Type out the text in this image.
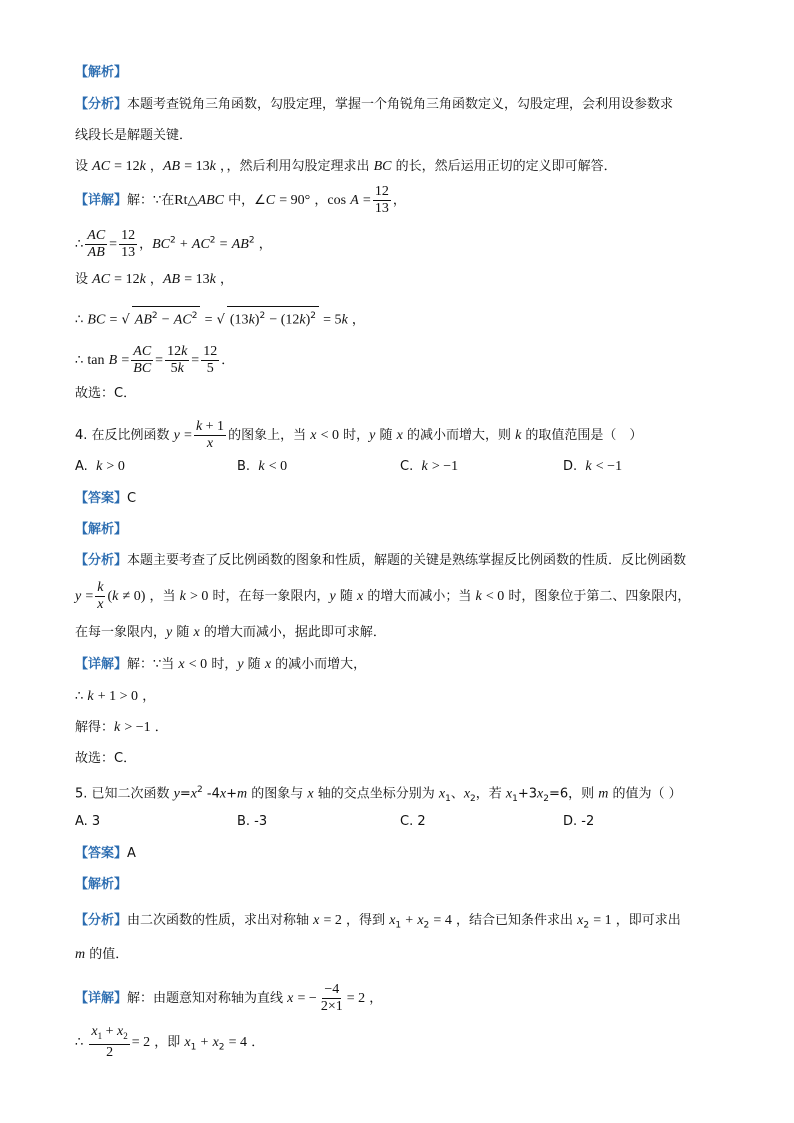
【解析】
【分析】本题考查锐角三角函数，勾股定理，掌握一个角锐角三角函数定义，勾股定理，会利用设参数求
线段长是解题关键．
设 AC = 12k ，AB = 13k ，，然后利用勾股定理求出 BC 的长，然后运用正切的定义即可解答．
【详解】解：∵在Rt△ABC 中，∠C = 90° ，$\cos A = \frac{12}{13}$ ，
∴ $\frac{AC}{AB} = \frac{12}{13}$ ，$BC^2 + AC^2 = AB^2$ ，
设 AC = 12k ，AB = 13k ，
∴ BC = √ $AB^2 - AC^2$ = √ $(13k)^2 - (12k)^2 = 5k$ ，
∴ $\tan B = \frac{AC}{BC} = \frac{12k}{5k} = \frac{12}{5}$ ．
故选：C．
4. 在反比例函数 $y = \frac{k + 1}{x}$ 的图象上，当 x < 0 时，y 随 x 的减小而增大，则 k 的取值范围是（　）
A.  k > 0	B.  k < 0	C.  k > −1	D.  k < −1
【答案】C
【解析】
【分析】本题主要考查了反比例函数的图象和性质，解题的关键是熟练掌握反比例函数的性质．反比例函数
$y = \frac{k}{x} (k \ne 0)$ ，当 k > 0 时，在每一象限内，y 随 x 的增大而减小；当 k < 0 时，图象位于第二、四象限内，
在每一象限内，y 随 x 的增大而减小，据此即可求解．
【详解】解：∵当 x < 0 时，y 随 x 的减小而增大，
∴ k + 1 > 0 ，
解得：k > −1 ．
故选：C．
5. 已知二次函数 $y=x^2$ -4x+m 的图象与 x 轴的交点坐标分别为 $x_1$、$x_2$，若 $x_1+3x_2=6$，则 m 的值为（ ）
A. 3	B. -3	C. 2	D. -2
【答案】A
【解析】
【分析】由二次函数的性质，求出对称轴 x = 2 ，得到 $x_1 + x_2 = 4$ ，结合已知条件求出 $x_2 = 1$ ，即可求出
m 的值．
【详解】解：由题意知对称轴为直线 x = − $\frac{-4}{2\times 1} = 2$ ，
∴ $\frac{x_1 + x_2}{2} = 2$ ，即 $x_1 + x_2 = 4$ ．
